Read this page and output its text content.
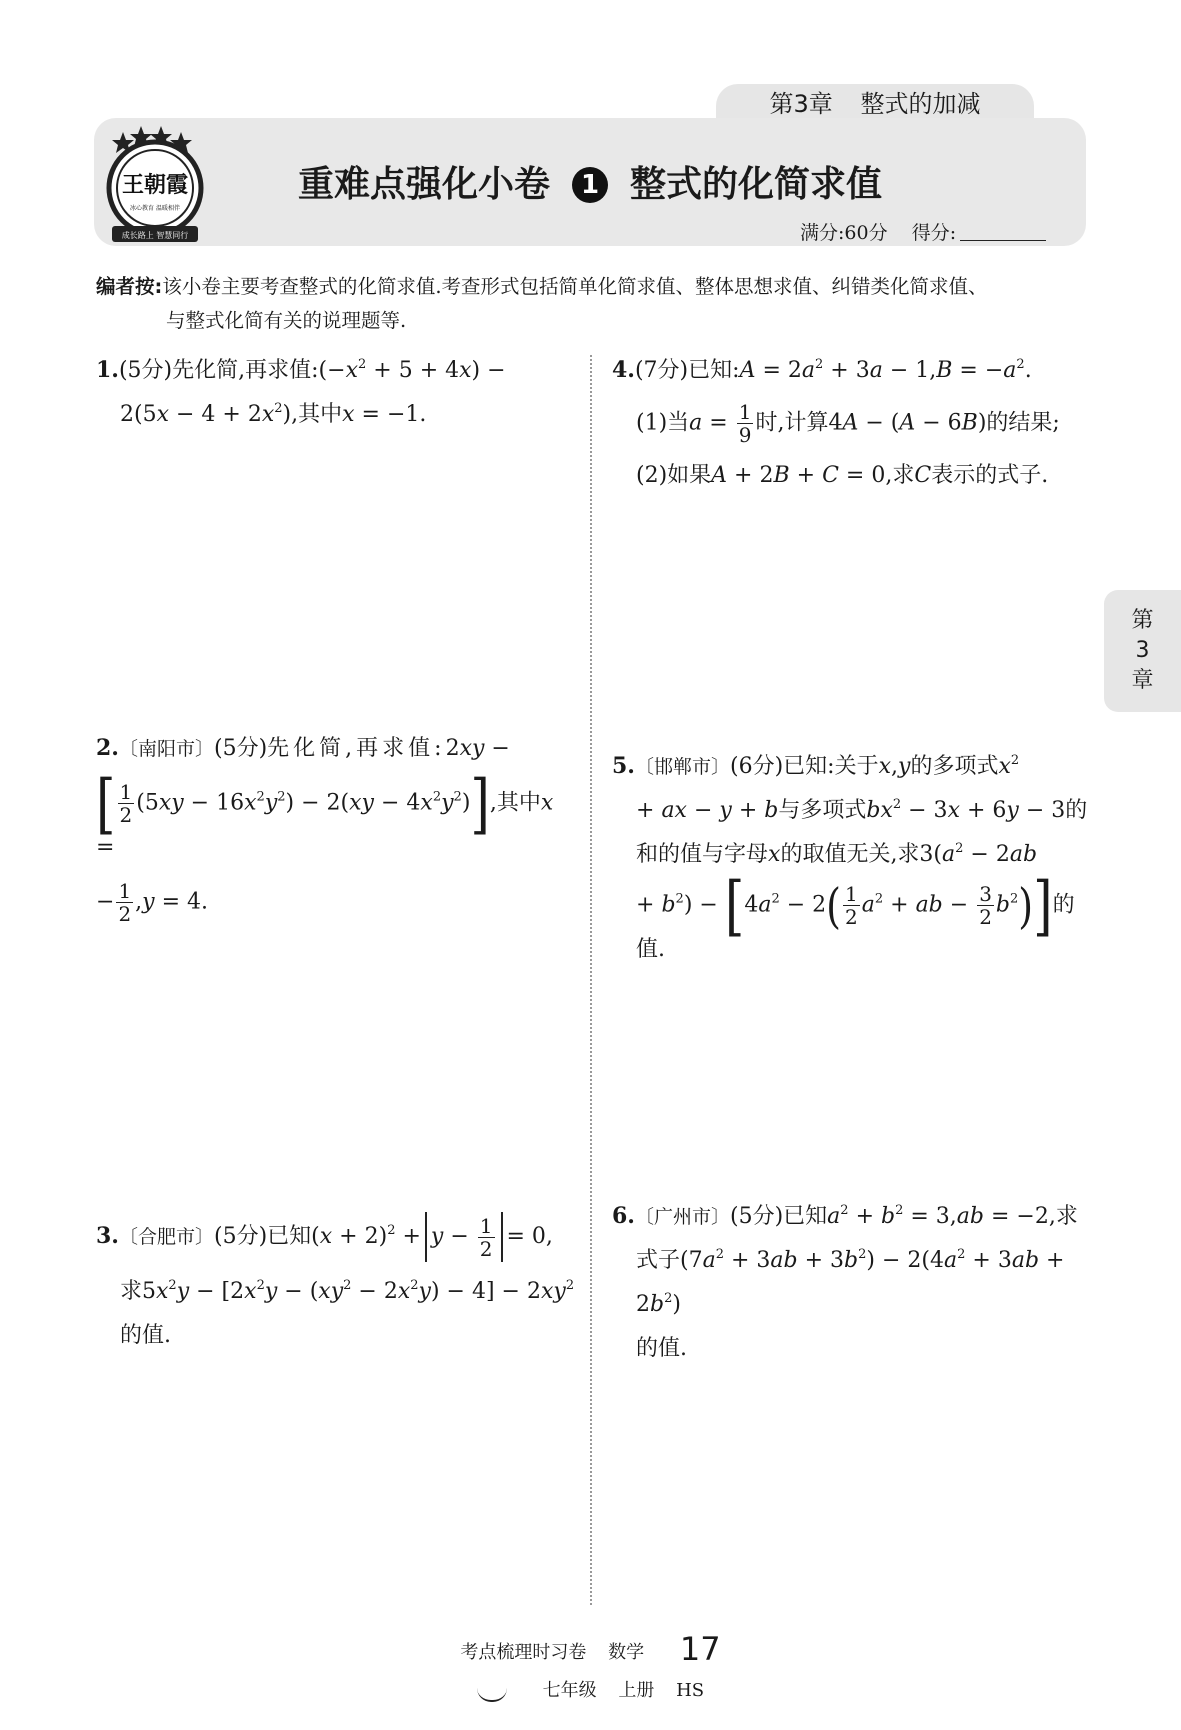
第3章 整式的加减
王朝霞
冰心教育 温暖相伴
成长路上 智慧同行
重难点强化小卷 1 整式的化简求值
满分:60分 得分:
编者按:该小卷主要考查整式的化简求值.考查形式包括简单化简求值、整体思想求值、纠错类化简求值、
与整式化简有关的说理题等.
1.(5分)先化简,再求值$:(-x^2 + 5 + 4x)$ −
$2(5x - 4 + 2x^2)$,其中x = −1.
4.(7分)已知:A = $2a^2 + 3a - 1,B = -a^2$.
(1)当$a = \frac{1}{9}$ 时,计算4A − (A − 6B)的结果;
(2)如果A + 2B + C = 0,求C表示的式子.
2.〔南阳市〕(5分)先化简,再求值:2xy −
[ $\frac{1}{2} (5xy - 16x^2y^2) - 2(xy - 4x^2y^2)$],其中x =
− $\frac{1}{2} ,y = 4$.
5.〔邯郸市〕(6分)已知:关于x,y的多项式$x^2$
+ ax − y + b与多项式$bx^2 - 3x + 6y - 3$的
和的值与字母x的取值无关,求$3(a^2 - 2ab$
+ $b^2) - [4a^2 - 2( \frac{1}{2} a^2$ + ab − $\frac{3}{2} b^2$)]的值.
第
3
章
3.〔合肥市〕(5分)已知$(x + 2)^2 + y - \frac{1}{2} = 0$,
求$5x^2y - [2x^2y - (xy^2 - 2x^2y) - 4] - 2xy^2$的值.
6.〔广州市〕(5分)已知$a^2 + b^2 = 3,ab = -2$,求
式子$(7a^2 + 3ab + 3b^2) - 2(4a^2 + 3ab + 2b^2)$
的值.
考点梳理时习卷 数学 17
七年级 上册 HS
